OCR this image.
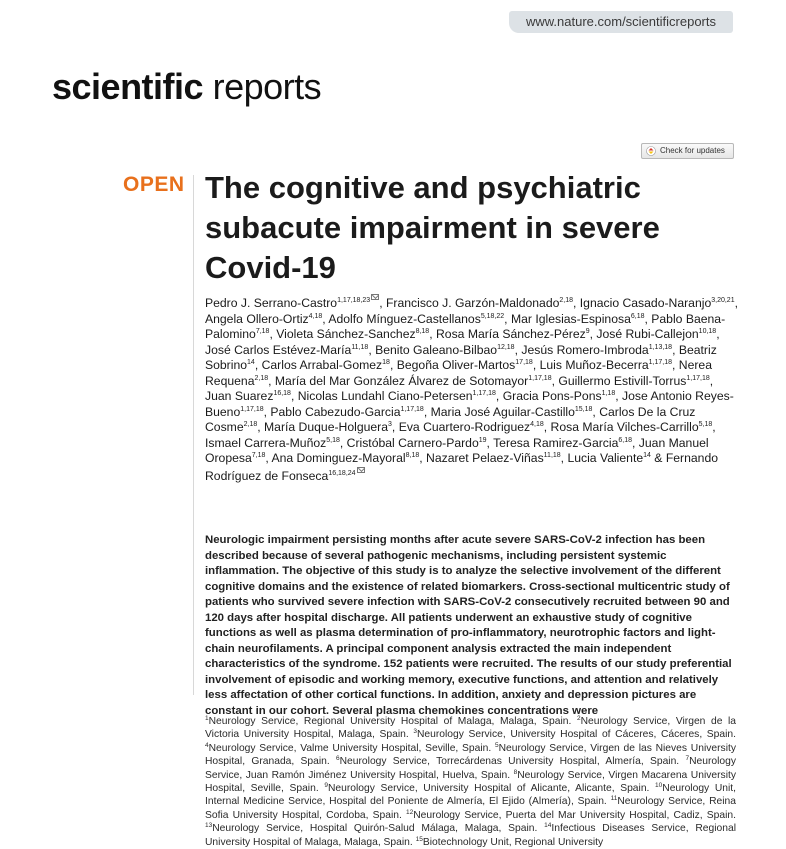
www.nature.com/scientificreports
scientific reports
Check for updates
OPEN The cognitive and psychiatric subacute impairment in severe Covid-19

Pedro J. Serrano-Castro$^{1,17,18,23}$ , Francisco J. Garzón-Maldonado$^{2,18}$, Ignacio Casado-Naranjo$^{3,20,21}$, Angela Ollero-Ortiz$^{4,18}$, Adolfo Mínguez-Castellanos$^{5,18,22}$, Mar Iglesias-Espinosa$^{6,18}$, Pablo Baena-Palomino$^{7,18}$, Violeta Sánchez-Sanchez$^{8,18}$, Rosa María Sánchez-Pérez$^9$, José Rubi-Callejon$^{10,18}$, José Carlos Estévez-María$^{11,18}$, Benito Galeano-Bilbao$^{12,18}$, Jesús Romero-Imbroda$^{1,13,18}$, Beatriz Sobrino$^{14}$, Carlos Arrabal-Gomez$^{18}$, Begoña Oliver-Martos$^{17,18}$, Luis Muñoz-Becerra$^{1,17,18}$, Nerea Requena$^{2,18}$, María del Mar González Álvarez de Sotomayor$^{1,17,18}$, Guillermo Estivill-Torrus$^{1,17,18}$, Juan Suarez$^{16,18}$, Nicolas Lundahl Ciano-Petersen$^{1,17,18}$, Gracia Pons-Pons$^{1,18}$, Jose Antonio Reyes-Bueno$^{1,17,18}$, Pablo Cabezudo-Garcia$^{1,17,18}$, Maria José Aguilar-Castillo$^{15,18}$, Carlos De la Cruz Cosme$^{2,18}$, María Duque-Holguera$^3$, Eva Cuartero-Rodriguez$^{4,18}$, Rosa María Vilches-Carrillo$^{5,18}$, Ismael Carrera-Muñoz$^{5,18}$, Cristóbal Carnero-Pardo$^{19}$, Teresa Ramirez-Garcia$^{6,18}$, Juan Manuel Oropesa$^{7,18}$, Ana Dominguez-Mayoral$^{8,18}$, Nazaret Pelaez-Viñas$^{11,18}$, Lucia Valiente$^{14}$ & Fernando Rodríguez de Fonseca$^{16,18,24}$

Neurologic impairment persisting months after acute severe SARS-CoV-2 infection has been described because of several pathogenic mechanisms, including persistent systemic inflammation. The objective of this study is to analyze the selective involvement of the different cognitive domains and the existence of related biomarkers. Cross-sectional multicentric study of patients who survived severe infection with SARS-CoV-2 consecutively recruited between 90 and 120 days after hospital discharge. All patients underwent an exhaustive study of cognitive functions as well as plasma determination of pro-inflammatory, neurotrophic factors and light-chain neurofilaments. A principal component analysis extracted the main independent characteristics of the syndrome. 152 patients were recruited. The results of our study preferential involvement of episodic and working memory, executive functions, and attention and relatively less affectation of other cortical functions. In addition, anxiety and depression pictures are constant in our cohort. Several plasma chemokines concentrations were

$^1$Neurology Service, Regional University Hospital of Malaga, Malaga, Spain. $^2$Neurology Service, Virgen de la Victoria University Hospital, Malaga, Spain. $^3$Neurology Service, University Hospital of Cáceres, Cáceres, Spain. $^4$Neurology Service, Valme University Hospital, Seville, Spain. $^5$Neurology Service, Virgen de las Nieves University Hospital, Granada, Spain. $^6$Neurology Service, Torrecárdenas University Hospital, Almería, Spain. $^7$Neurology Service, Juan Ramón Jiménez University Hospital, Huelva, Spain. $^8$Neurology Service, Virgen Macarena University Hospital, Seville, Spain. $^9$Neurology Service, University Hospital of Alicante, Alicante, Spain. $^{10}$Neurology Unit, Internal Medicine Service, Hospital del Poniente de Almería, El Ejido (Almería), Spain. $^{11}$Neurology Service, Reina Sofia University Hospital, Cordoba, Spain. $^{12}$Neurology Service, Puerta del Mar University Hospital, Cadiz, Spain. $^{13}$Neurology Service, Hospital Quirón-Salud Málaga, Malaga, Spain. $^{14}$Infectious Diseases Service, Regional University Hospital of Malaga, Malaga, Spain. $^{15}$Biotechnology Unit, Regional University
